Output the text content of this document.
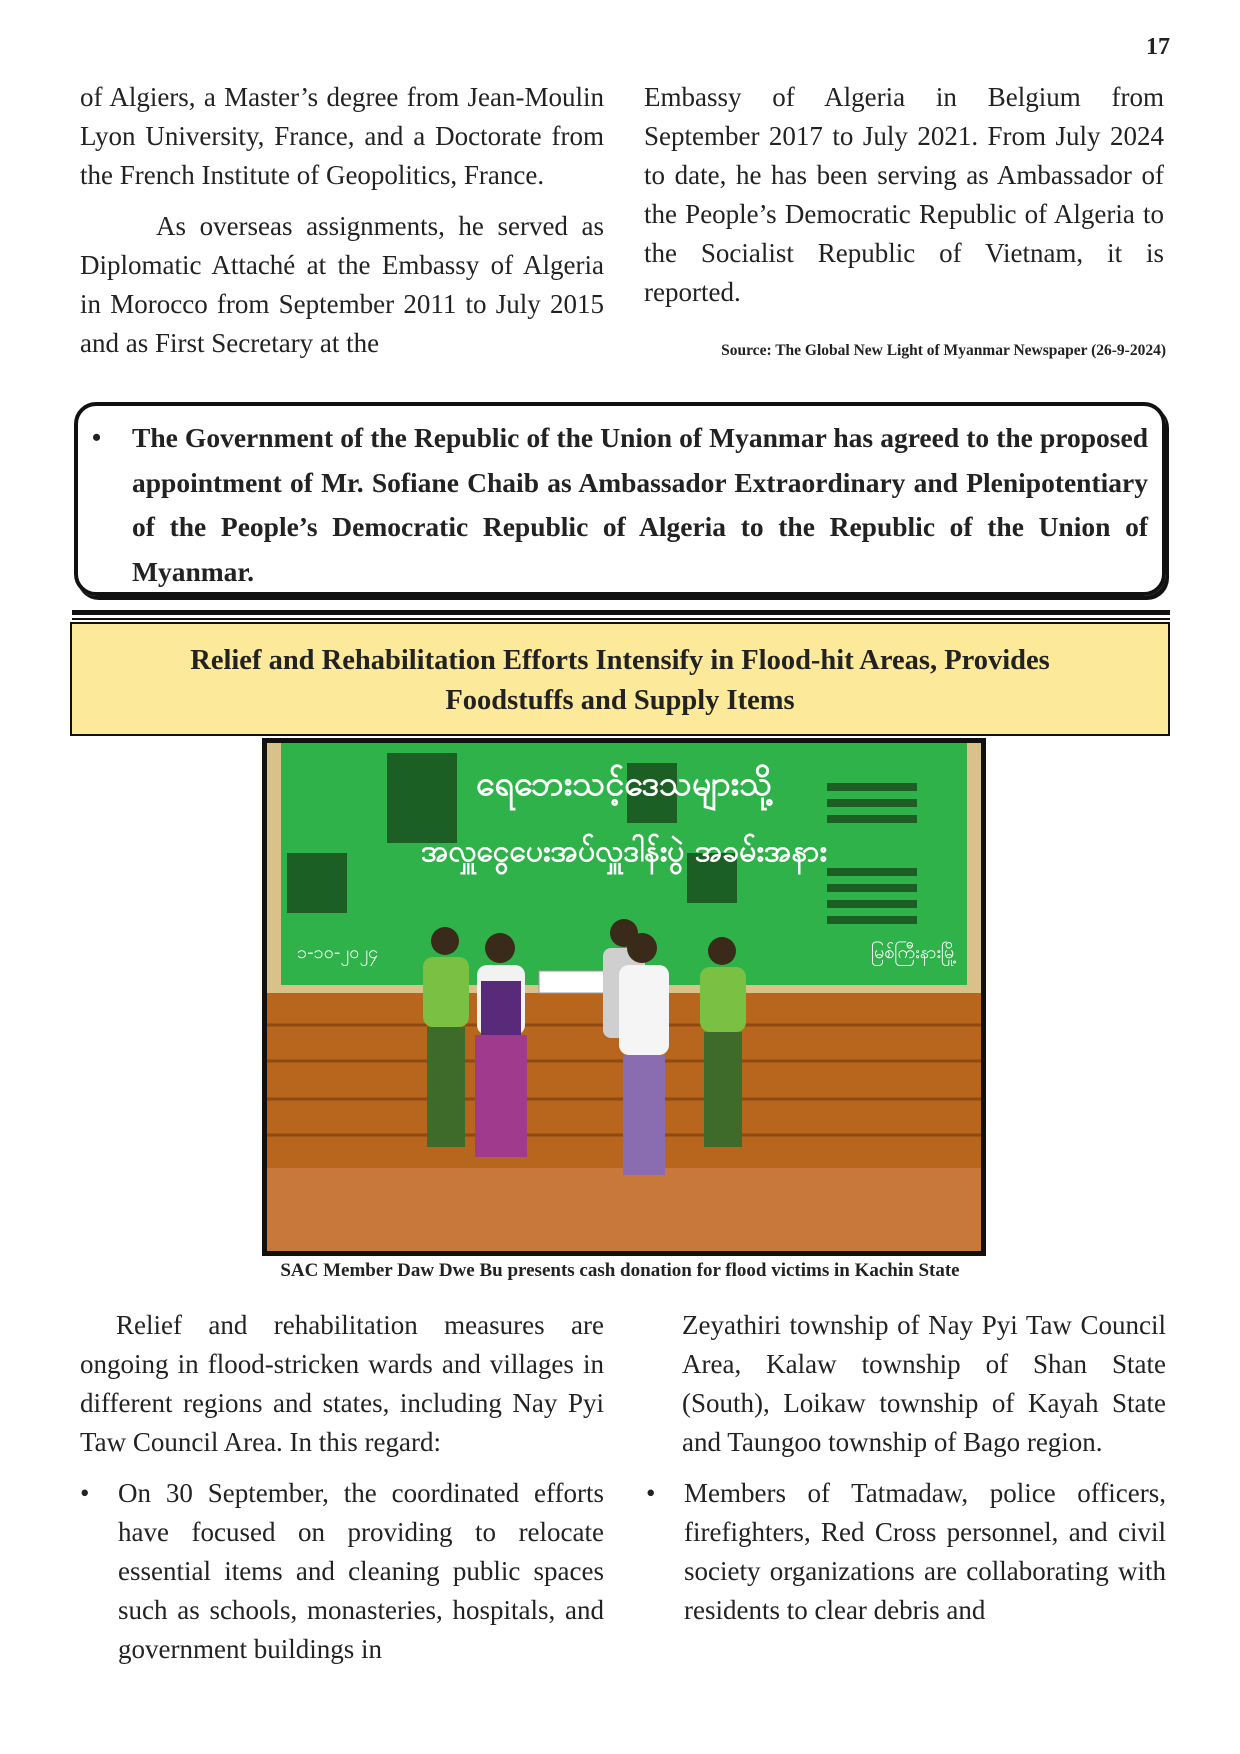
17

of Algiers, a Master’s degree from Jean-Moulin Lyon University, France, and a Doctorate from the French Institute of Geopolitics, France.

As overseas assignments, he served as Diplomatic Attaché at the Embassy of Algeria in Morocco from September 2011 to July 2015 and as First Secretary at the

Embassy of Algeria in Belgium from September 2017 to July 2021. From July 2024 to date, he has been serving as Ambassador of the People’s Democratic Republic of Algeria to the Socialist Republic of Vietnam, it is reported.

Source: The Global New Light of Myanmar Newspaper (26-9-2024)
• The Government of the Republic of the Union of Myanmar has agreed to the proposed appointment of Mr. Sofiane Chaib as Ambassador Extraordinary and Plenipotentiary of the People’s Democratic Republic of Algeria to the Republic of the Union of Myanmar.
Relief and Rehabilitation Efforts Intensify in Flood-hit Areas, Provides
Foodstuffs and Supply Items
ရေဘေးသင့်ဒေသများသို့
အလှူငွေပေးအပ်လှူဒါန်းပွဲ အခမ်းအနား
၁-၁၀-၂၀၂၄	မြစ်ကြီးနားမြို့
SAC Member Daw Dwe Bu presents cash donation for flood victims in Kachin State

Relief and rehabilitation measures are ongoing in flood-stricken wards and villages in different regions and states, including Nay Pyi Taw Council Area. In this regard:

• On 30 September, the coordinated efforts have focused on providing to relocate essential items and cleaning public spaces such as schools, monasteries, hospitals, and government buildings in

Zeyathiri township of Nay Pyi Taw Council Area, Kalaw township of Shan State (South), Loikaw township of Kayah State and Taungoo township of Bago region.

• Members of Tatmadaw, police officers, firefighters, Red Cross personnel, and civil society organizations are collaborating with residents to clear debris and
